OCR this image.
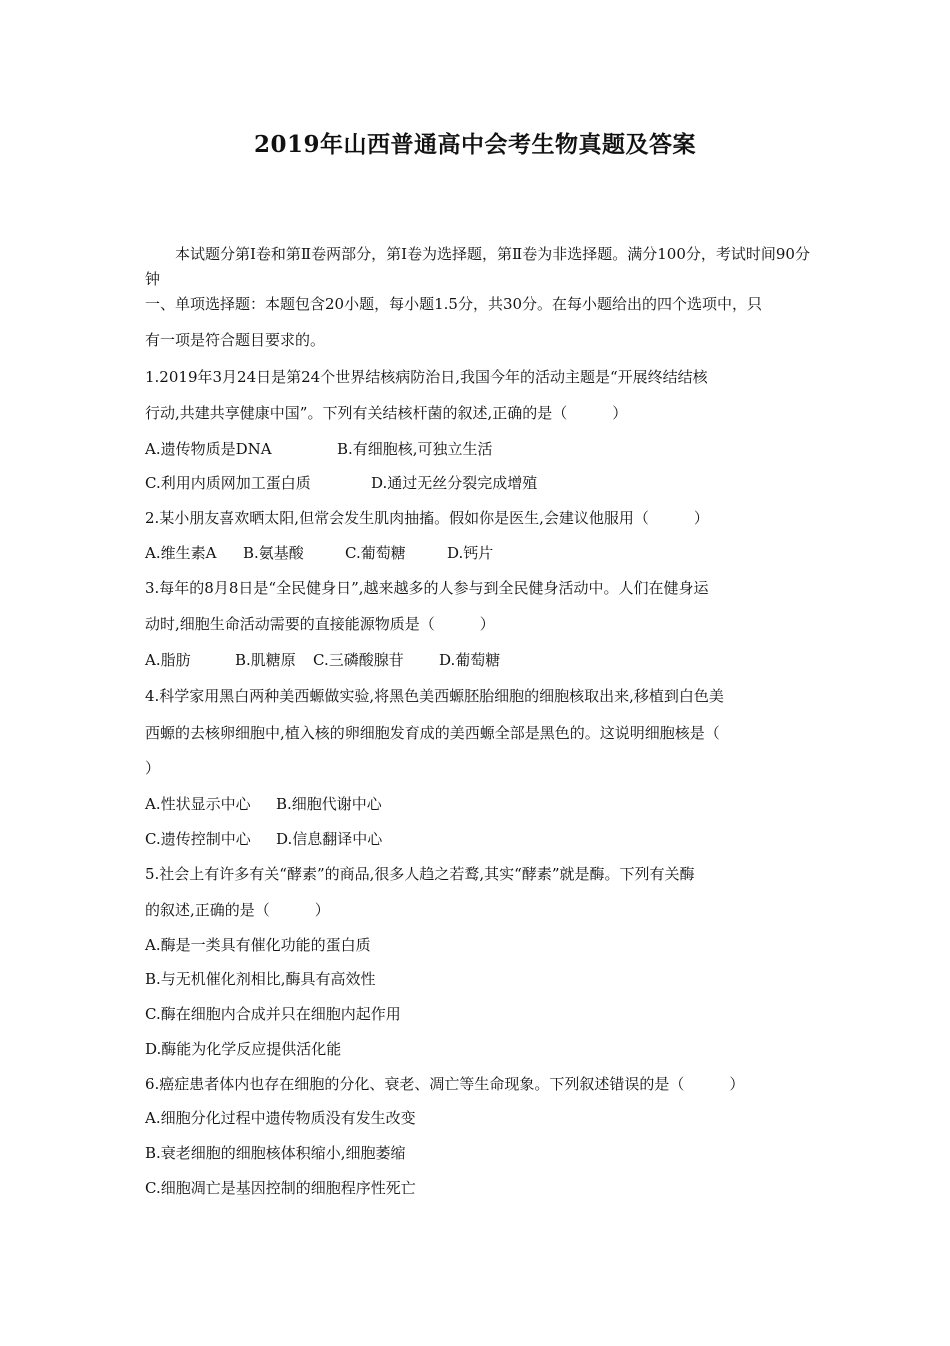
2019年山西普通高中会考生物真题及答案
本试题分第Ⅰ卷和第Ⅱ卷两部分，第Ⅰ卷为选择题，第Ⅱ卷为非选择题。满分100分，考试时间90分钟
一、单项选择题：本题包含20小题，每小题1.5分，共30分。在每小题给出的四个选项中，只
有一项是符合题目要求的。
1.2019年3月24日是第24个世界结核病防治日,我国今年的活动主题是“开展终结结核
行动,共建共享健康中国”。下列有关结核杆菌的叙述,正确的是（　　　）
A.遗传物质是DNA	B.有细胞核,可独立生活
C.利用内质网加工蛋白质	D.通过无丝分裂完成增殖
2.某小朋友喜欢晒太阳,但常会发生肌肉抽搐。假如你是医生,会建议他服用（　　　）
A.维生素A B.氨基酸	C.葡萄糖	D.钙片
3.每年的8月8日是“全民健身日”,越来越多的人参与到全民健身活动中。人们在健身运
动时,细胞生命活动需要的直接能源物质是（　　　）
A.脂肪	B.肌糖原 C.三磷酸腺苷 D.葡萄糖
4.科学家用黑白两种美西螈做实验,将黑色美西螈胚胎细胞的细胞核取出来,移植到白色美
西螈的去核卵细胞中,植入核的卵细胞发育成的美西螈全部是黑色的。这说明细胞核是（
）
A.性状显示中心 B.细胞代谢中心
C.遗传控制中心 D.信息翻译中心
5.社会上有许多有关“酵素”的商品,很多人趋之若鹜,其实“酵素”就是酶。下列有关酶
的叙述,正确的是（　　　）
A.酶是一类具有催化功能的蛋白质
B.与无机催化剂相比,酶具有高效性
C.酶在细胞内合成并只在细胞内起作用
D.酶能为化学反应提供活化能
6.癌症患者体内也存在细胞的分化、衰老、凋亡等生命现象。下列叙述错误的是（　　　）
A.细胞分化过程中遗传物质没有发生改变
B.衰老细胞的细胞核体积缩小,细胞萎缩
C.细胞凋亡是基因控制的细胞程序性死亡
